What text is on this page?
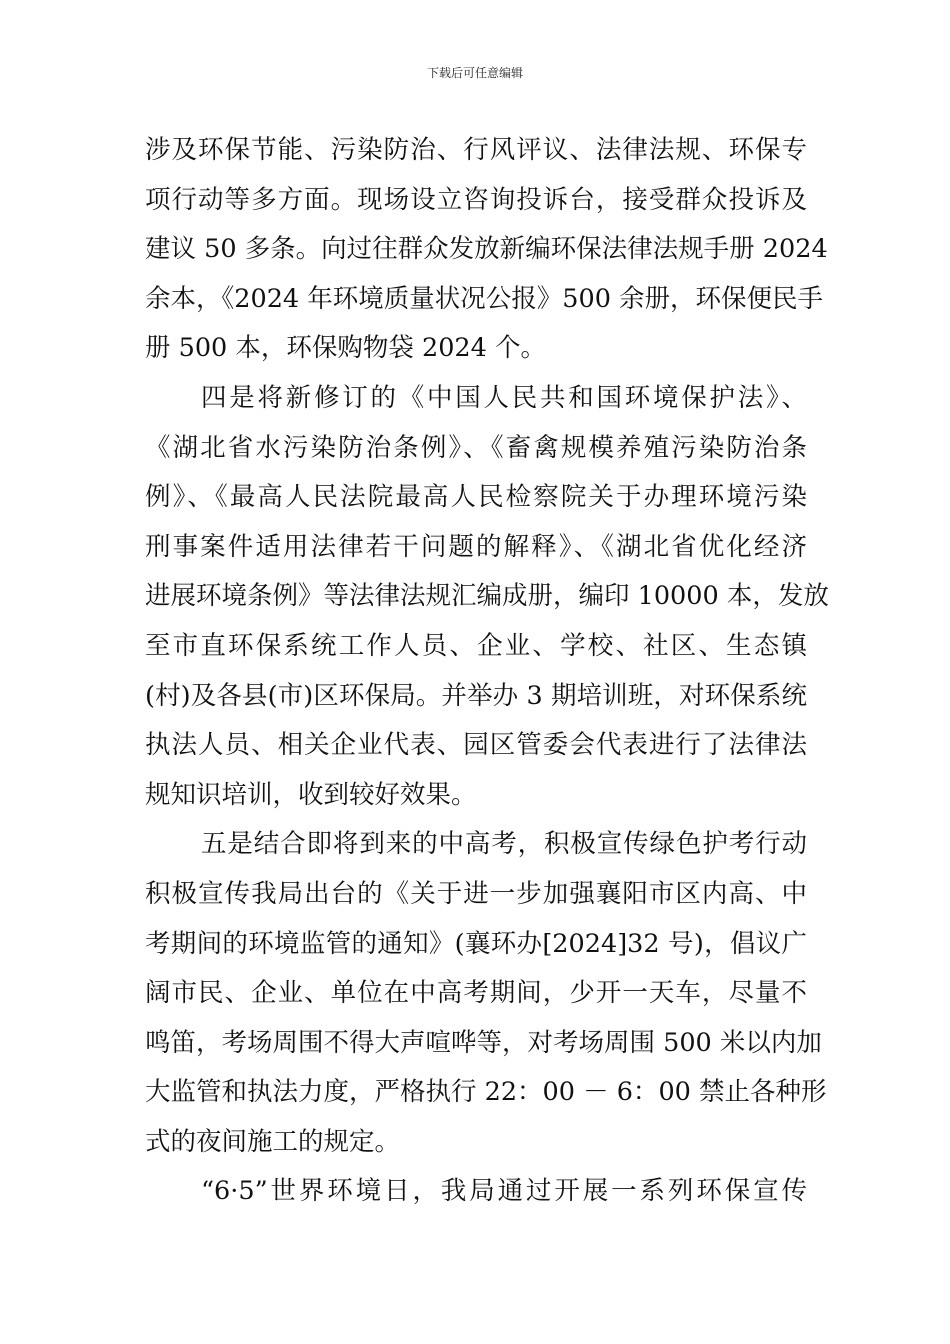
下载后可任意编辑
涉及环保节能、污染防治、行风评议、法律法规、环保专
项行动等多方面。现场设立咨询投诉台，接受群众投诉及
建议 50 多条。向过往群众发放新编环保法律法规手册 2024
余本，《2024 年环境质量状况公报》500 余册，环保便民手
册 500 本，环保购物袋 2024 个。
四是将新修订的《中国人民共和国环境保护法》、
《湖北省水污染防治条例》、《畜禽规模养殖污染防治条
例》、《最高人民法院最高人民检察院关于办理环境污染
刑事案件适用法律若干问题的解释》、《湖北省优化经济
进展环境条例》等法律法规汇编成册，编印 10000 本，发放
至市直环保系统工作人员、企业、学校、社区、生态镇
(村)及各县(市)区环保局。并举办 3 期培训班，对环保系统
执法人员、相关企业代表、园区管委会代表进行了法律法
规知识培训，收到较好效果。
五是结合即将到来的中高考，积极宣传绿色护考行动
积极宣传我局出台的《关于进一步加强襄阳市区内高、中
考期间的环境监管的通知》(襄环办[2024]32 号)，倡议广
阔市民、企业、单位在中高考期间，少开一天车，尽量不
鸣笛，考场周围不得大声喧哗等，对考场周围 500 米以内加
大监管和执法力度，严格执行 22：00 － 6：00 禁止各种形
式的夜间施工的规定。
“6·5”世界环境日，我局通过开展一系列环保宣传
